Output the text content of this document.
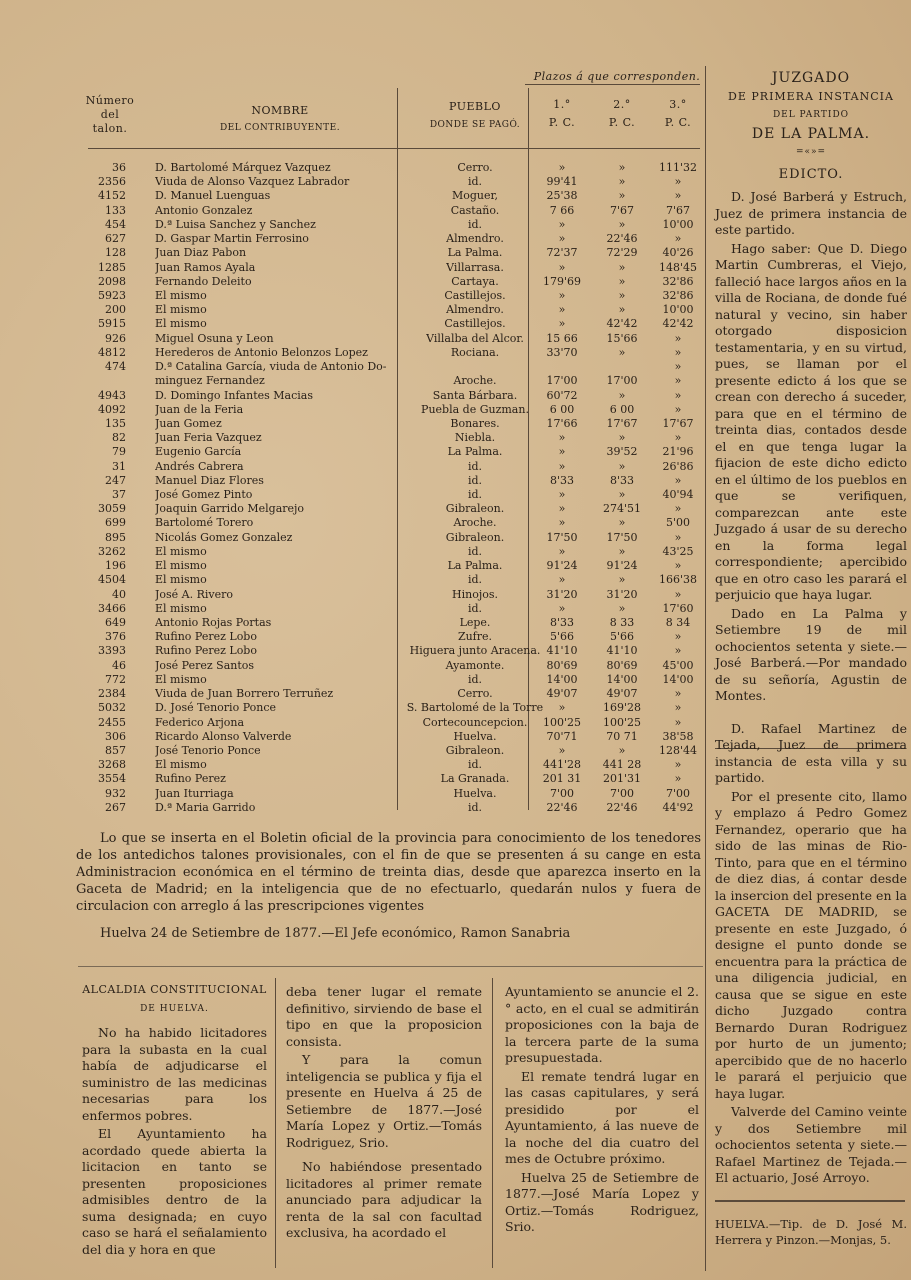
Número
del
talon.
NOMBRE
DEL CONTRIBUYENTE.
PUEBLO
DONDE SE PAGÓ.
Plazos á que corresponden.
1.°	2.°	3.°
P. C.	P. C.	P. C.
36	D. Bartolomé Márquez Vazquez	Cerro.	»	»	111'32
2356	Viuda de Alonso Vazquez Labrador	id.	99'41	»	»
4152	D. Manuel Luenguas	Moguer,	25'38	»	»
133	Antonio Gonzalez	Castaño.	7 66	7'67	7'67
454	D.ª Luisa Sanchez y Sanchez	id.	»	»	10'00
627	D. Gaspar Martin Ferrosino	Almendro.	»	22'46	»
128	Juan Diaz Pabon	La Palma.	72'37	72'29	40'26
1285	Juan Ramos Ayala	Villarrasa.	»	»	148'45
2098	Fernando Deleito	Cartaya.	179'69	»	32'86
5923	El mismo	Castillejos.	»	»	32'86
200	El mismo	Almendro.	»	»	10'00
5915	El mismo	Castillejos.	»	42'42	42'42
926	Miguel Osuna y Leon	Villalba del Alcor.	15 66	15'66	»
4812	Herederos de Antonio Belonzos Lopez	Rociana.	33'70	»	»
474	D.ª Catalina García, viuda de Antonio Do-	»
minguez Fernandez	Aroche.	17'00	17'00	»
4943	D. Domingo Infantes Macias	Santa Bárbara.	60'72	»	»
4092	Juan de la Feria	Puebla de Guzman.	6 00	6 00	»
135	Juan Gomez	Bonares.	17'66	17'67	17'67
82	Juan Feria Vazquez	Niebla.	»	»	»
79	Eugenio García	La Palma.	»	39'52	21'96
31	Andrés Cabrera	id.	»	»	26'86
247	Manuel Diaz Flores	id.	8'33	8'33	»
37	José Gomez Pinto	id.	»	»	40'94
3059	Joaquin Garrido Melgarejo	Gibraleon.	»	274'51	»
699	Bartolomé Torero	Aroche.	»	»	5'00
895	Nicolás Gomez Gonzalez	Gibraleon.	17'50	17'50	»
3262	El mismo	id.	»	»	43'25
196	El mismo	La Palma.	91'24	91'24	»
4504	El mismo	id.	»	»	166'38
40	José A. Rivero	Hinojos.	31'20	31'20	»
3466	El mismo	id.	»	»	17'60
649	Antonio Rojas Portas	Lepe.	8'33	8 33	8 34
376	Rufino Perez Lobo	Zufre.	5'66	5'66	»
3393	Rufino Perez Lobo	Higuera junto Aracena. 41'10	41'10	»
46	José Perez Santos	Ayamonte.	80'69	80'69	45'00
772	El mismo	id.	14'00	14'00	14'00
2384	Viuda de Juan Borrero Terruñez	Cerro.	49'07	49'07	»
5032	D. José Tenorio Ponce	S. Bartolomé de la Torre	»	169'28	»
2455	Federico Arjona	Cortecouncepcion.	100'25	100'25	»
306	Ricardo Alonso Valverde	Huelva.	70'71	70 71	38'58
857	José Tenorio Ponce	Gibraleon.	»	»	128'44
3268	El mismo	id.	441'28	441 28	»
3554	Rufino Perez	La Granada.	201 31	201'31	»
932	Juan Iturriaga	Huelva.	7'00	7'00	7'00
267	D.ª Maria Garrido	id.	22'46	22'46	44'92

Lo que se inserta en el Boletin oficial de la provincia para conocimiento de los tenedores de los antedichos talones provisionales, con el fin de que se presenten á su cange en esta Administracion económica en el término de treinta dias, desde que aparezca inserto en la Gaceta de Madrid; en la inteligencia que de no efectuarlo, quedarán nulos y fuera de circulacion con arreglo á las prescripciones vigentes

Huelva 24 de Setiembre de 1877.—El Jefe económico, Ramon Sanabria

JUZGADO

DE PRIMERA INSTANCIA

DEL PARTIDO

DE LA PALMA.

=«»=

EDICTO.

D. José Barberá y Estruch, Juez de primera instancia de este partido.

Hago saber: Que D. Diego Martin Cumbreras, el Viejo, falleció hace largos años en la villa de Rociana, de donde fué natural y vecino, sin haber otorgado disposicion testamentaria, y en su virtud, pues, se llaman por el presente edicto á los que se crean con derecho á suceder, para que en el término de treinta dias, contados desde el en que tenga lugar la fijacion de este dicho edicto en el último de los pueblos en que se verifiquen, comparezcan ante este Juzgado á usar de su derecho en la forma legal correspondiente; apercibido que en otro caso les parará el perjuicio que haya lugar.

Dado en La Palma y Setiembre 19 de mil ochocientos setenta y siete.—José Barberá.—Por mandado de su señoría, Agustin de Montes.

D. Rafael Martinez de Tejada, Juez de primera instancia de esta villa y su partido.

Por el presente cito, llamo y emplazo á Pedro Gomez Fernandez, operario que ha sido de las minas de Rio-Tinto, para que en el término de diez dias, á contar desde la insercion del presente en la GACETA DE MADRID, se presente en este Juzgado, ó designe el punto donde se encuentra para la práctica de una diligencia judicial, en causa que se sigue en este dicho Juzgado contra Bernardo Duran Rodriguez por hurto de un jumento; apercibido que de no hacerlo le parará el perjuicio que haya lugar.

Valverde del Camino veinte y dos Setiembre mil ochocientos setenta y siete.—Rafael Martinez de Tejada.—El actuario, José Arroyo.

HUELVA.—Tip. de D. José M. Herrera y Pinzon.—Monjas, 5.

ALCALDIA CONSTITUCIONAL

DE HUELVA.

No ha habido licitadores para la subasta en la cual había de adjudicarse el suministro de las medicinas necesarias para los enfermos pobres.

El Ayuntamiento ha acordado quede abierta la licitacion en tanto se presenten proposiciones admisibles dentro de la suma designada; en cuyo caso se hará el señalamiento del dia y hora en que

deba tener lugar el remate definitivo, sirviendo de base el tipo en que la proposicion consista.

Y para la comun inteligencia se publica y fija el presente en Huelva á 25 de Setiembre de 1877.—José María Lopez y Ortiz.—Tomás Rodriguez, Srio.

No habiéndose presentado licitadores al primer remate anunciado para adjudicar la renta de la sal con facultad exclusiva, ha acordado el

Ayuntamiento se anuncie el 2.° acto, en el cual se admitirán proposiciones con la baja de la tercera parte de la suma presupuestada.

El remate tendrá lugar en las casas capitulares, y será presidido por el Ayuntamiento, á las nueve de la noche del dia cuatro del mes de Octubre próximo.

Huelva 25 de Setiembre de 1877.—José María Lopez y Ortiz.—Tomás Rodriguez, Srio.
